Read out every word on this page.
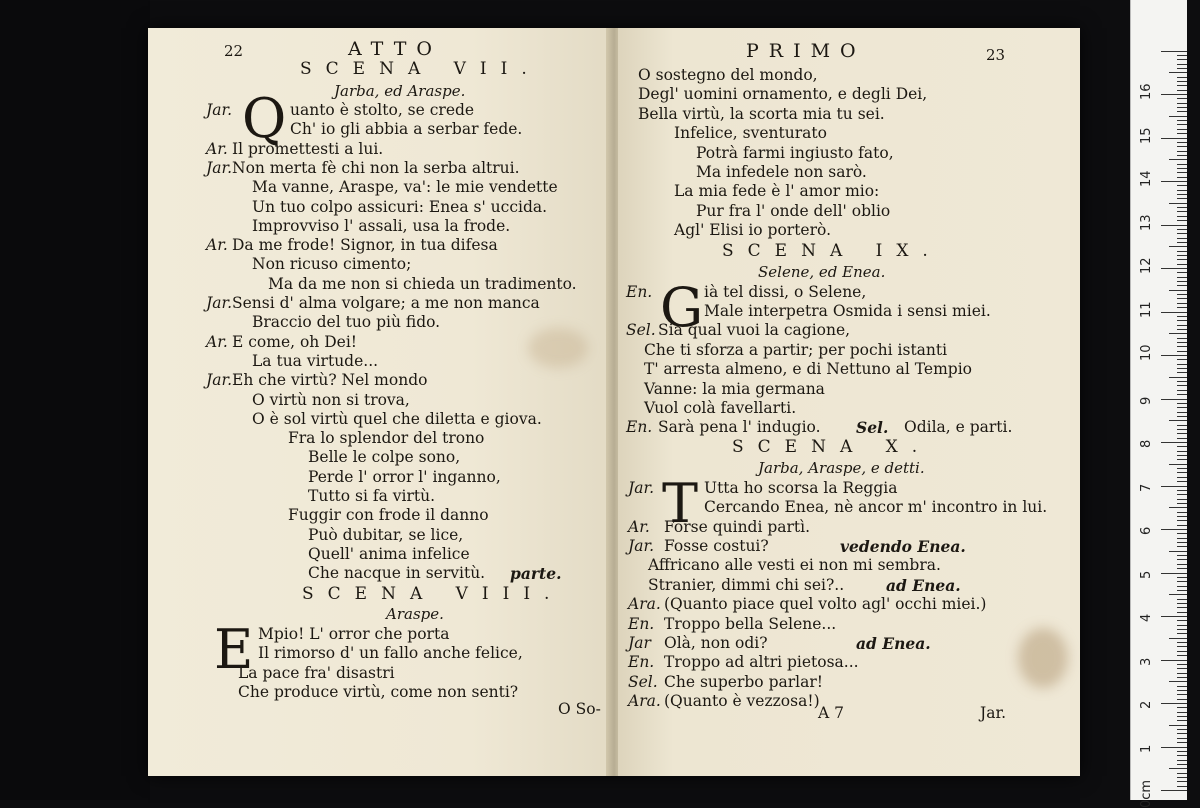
22	ATTO
SCENA VII.
Jarba, ed Araspe.
Q
Jar.	uanto è stolto, se crede
Ch' io gli abbia a serbar fede.
Ar. Il promettesti a lui.
Jar. Non merta fè chi non la serba altrui.
Ma vanne, Araspe, va': le mie vendette
Un tuo colpo assicuri: Enea s' uccida.
Improvviso l' assali, usa la frode.
Ar. Da me frode! Signor, in tua difesa
Non ricuso cimento;
Ma da me non si chieda un tradimento.
Jar. Sensi d' alma volgare; a me non manca
Braccio del tuo più fido.
Ar. E come, oh Dei!
La tua virtude...
Jar. Eh che virtù? Nel mondo
O virtù non si trova,
O è sol virtù quel che diletta e giova.
Fra lo splendor del trono
Belle le colpe sono,
Perde l' orror l' inganno,
Tutto si fa virtù.
Fuggir con frode il danno
Può dubitar, se lice,
Quell' anima infelice
Che nacque in servitù. parte.
SCENA VIII.
Araspe.
E Mpio! L' orror che porta
Il rimorso d' un fallo anche felice,
La pace fra' disastri
Che produce virtù, come non senti?
O So-
PRIMO	23
O sostegno del mondo,
Degl' uomini ornamento, e degli Dei,
Bella virtù, la scorta mia tu sei.
Infelice, sventurato
Potrà farmi ingiusto fato,
Ma infedele non sarò.
La mia fede è l' amor mio:
Pur fra l' onde dell' oblio
Agl' Elisi io porterò.
SCENA IX.
Selene, ed Enea.
G
En.	ià tel dissi, o Selene,
Male interpetra Osmida i sensi miei.
Sel. Sia qual vuoi la cagione,
Che ti sforza a partir; per pochi istanti
T' arresta almeno, e di Nettuno al Tempio
Vanne: la mia germana
Vuol colà favellarti.
En. Sarà pena l' indugio. Sel. Odila, e parti.
SCENA X.
Jarba, Araspe, e detti.
T
Jar.	Utta ho scorsa la Reggia
Cercando Enea, nè ancor m' incontro in lui.
Ar. Forse quindi partì.
Jar. Fosse costui?	vedendo Enea.
Affricano alle vesti ei non mi sembra.
Stranier, dimmi chi sei?..	ad Enea.
Ara. (Quanto piace quel volto agl' occhi miei.)
En. Troppo bella Selene...
Jar Olà, non odi?	ad Enea.
En. Troppo ad altri pietosa...
Sel. Che superbo parlar!
Ara. (Quanto è vezzosa!)
A 7	Jar.
0cm
1
2
3
4
5
6
7
8
9
10
11
12
13
14
15
16
